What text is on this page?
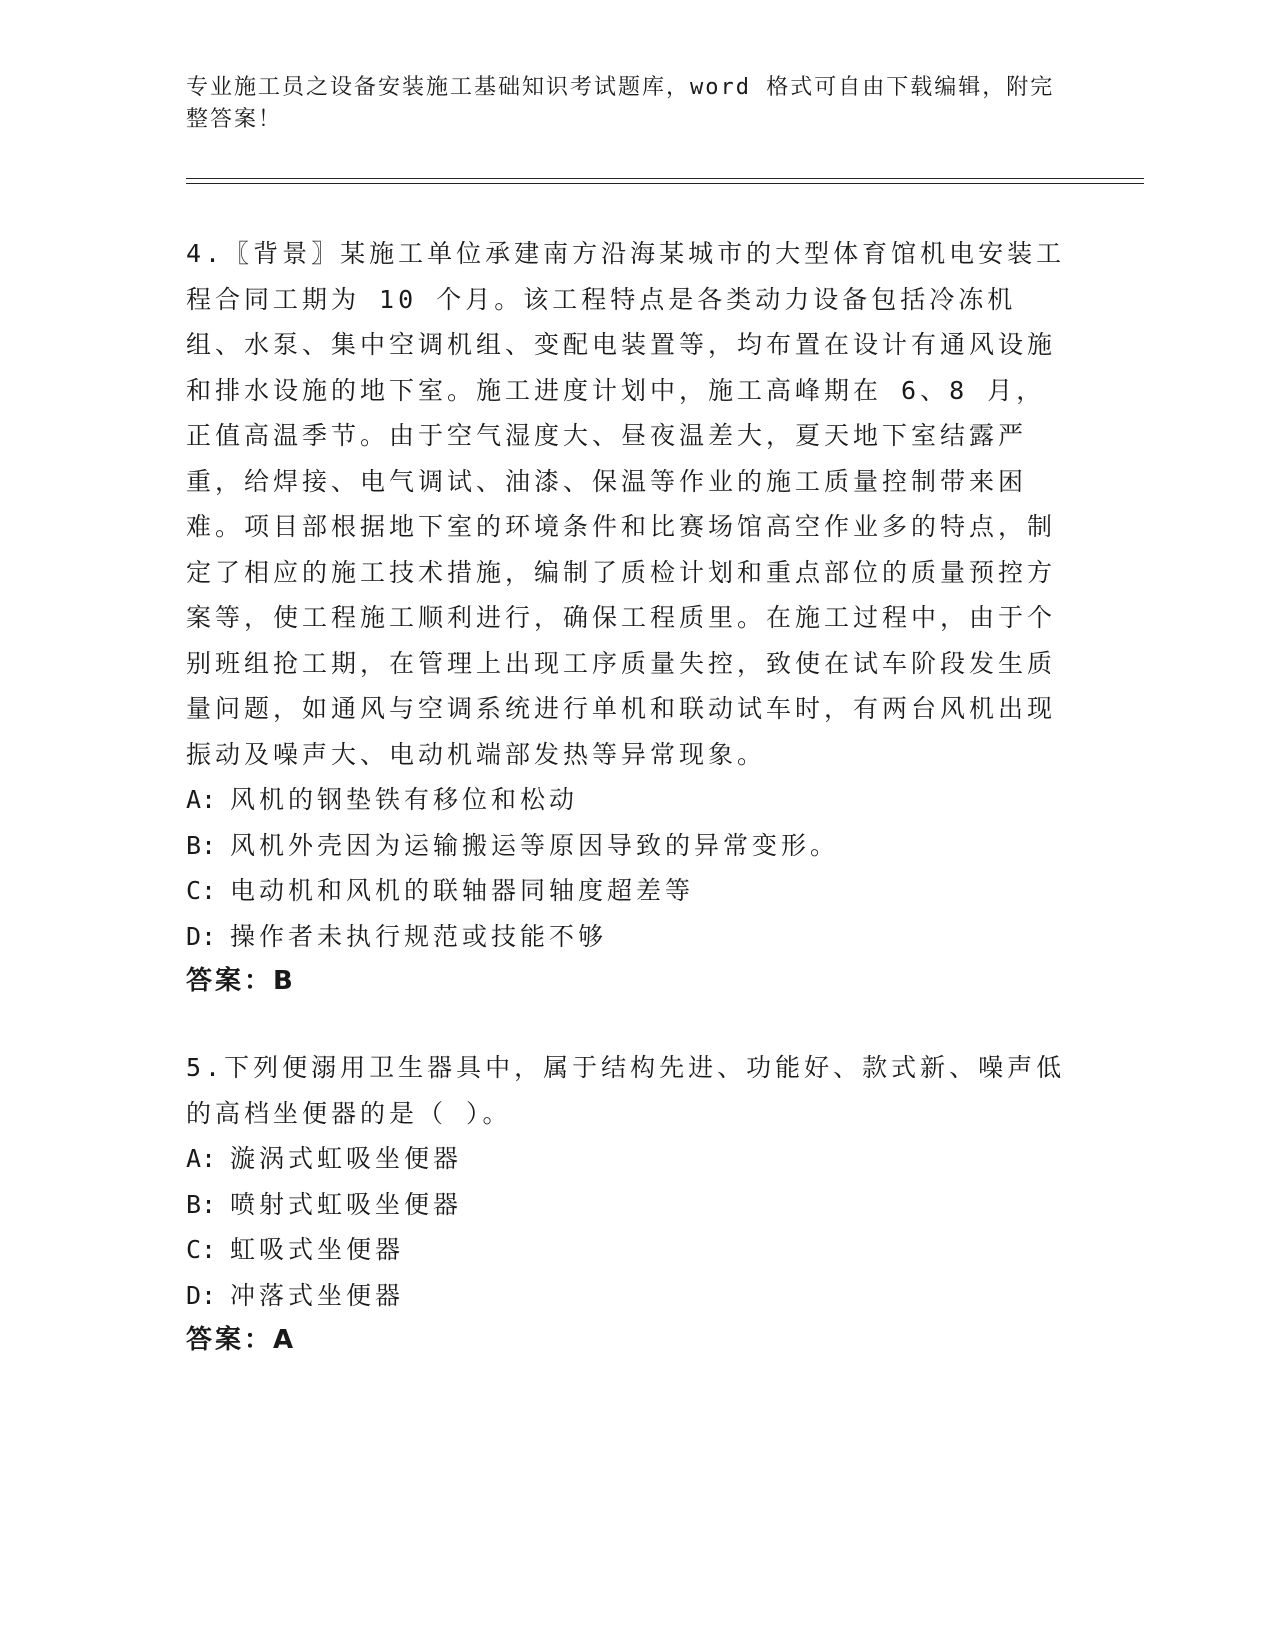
专业施工员之设备安装施工基础知识考试题库，word 格式可自由下载编辑，附完整答案！

4.〖背景〗某施工单位承建南方沿海某城市的大型体育馆机电安装工程合同工期为 10 个月。该工程特点是各类动力设备包括冷冻机组、水泵、集中空调机组、变配电装置等，均布置在设计有通风设施和排水设施的地下室。施工进度计划中，施工高峰期在 6、8 月，正值高温季节。由于空气湿度大、昼夜温差大，夏天地下室结露严重，给焊接、电气调试、油漆、保温等作业的施工质量控制带来困难。项目部根据地下室的环境条件和比赛场馆高空作业多的特点，制定了相应的施工技术措施，编制了质检计划和重点部位的质量预控方案等，使工程施工顺利进行，确保工程质里。在施工过程中，由于个别班组抢工期，在管理上出现工序质量失控，致使在试车阶段发生质量问题，如通风与空调系统进行单机和联动试车时，有两台风机出现振动及噪声大、电动机端部发热等异常现象。

A: 风机的钢垫铁有移位和松动
B: 风机外壳因为运输搬运等原因导致的异常变形。
C: 电动机和风机的联轴器同轴度超差等
D: 操作者未执行规范或技能不够
答案：B

5.下列便溺用卫生器具中，属于结构先进、功能好、款式新、噪声低的高档坐便器的是（ ）。

A: 漩涡式虹吸坐便器
B: 喷射式虹吸坐便器
C: 虹吸式坐便器
D: 冲落式坐便器
答案：A
